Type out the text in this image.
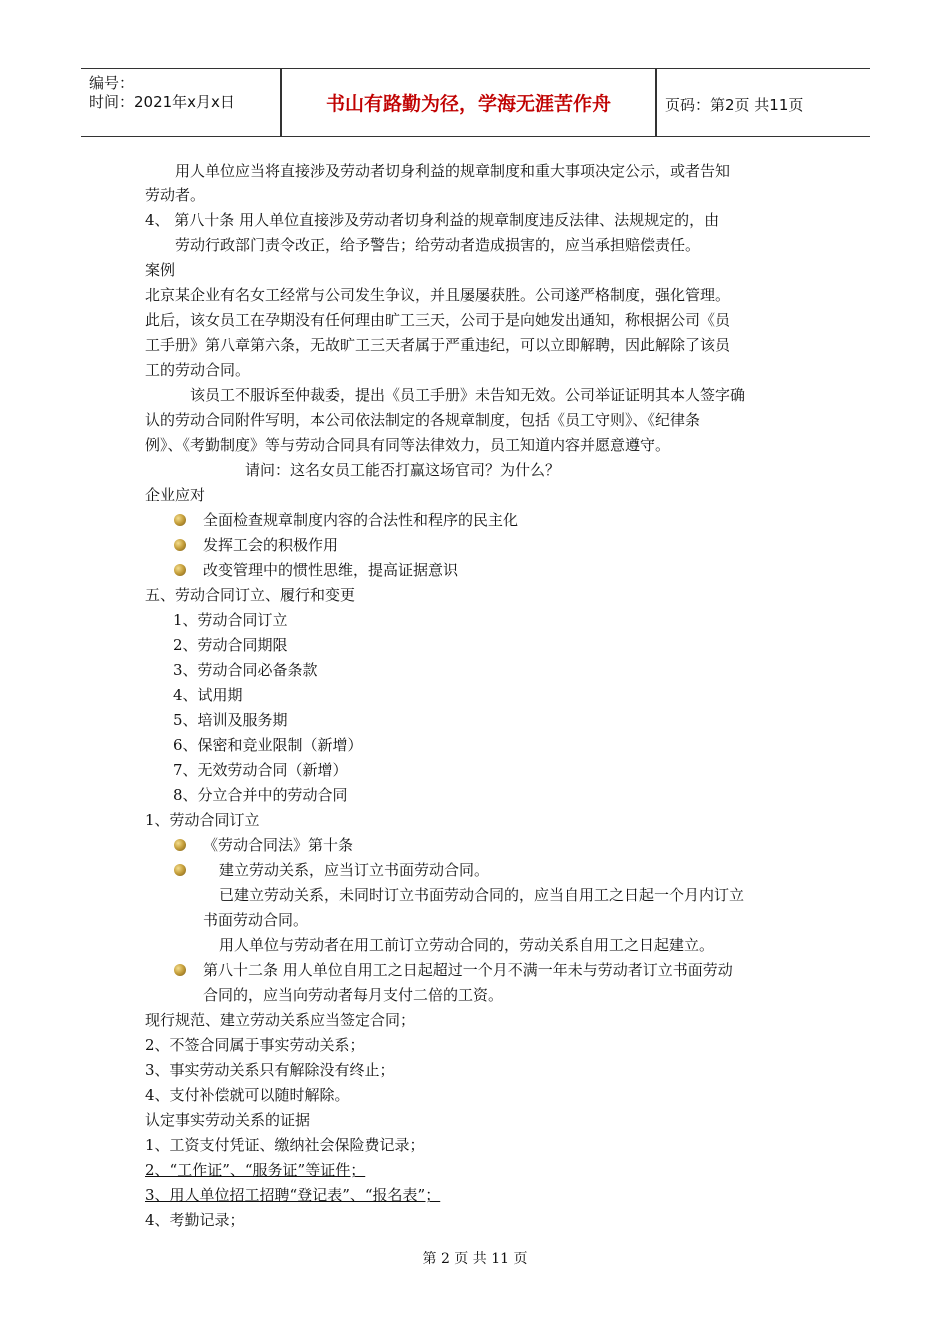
编号：
时间：2021年x月x日	书山有路勤为径，学海无涯苦作舟	页码：第2页 共11页
用人单位应当将直接涉及劳动者切身利益的规章制度和重大事项决定公示，或者告知
劳动者。
4、 第八十条 用人单位直接涉及劳动者切身利益的规章制度违反法律、法规规定的，由
劳动行政部门责令改正，给予警告；给劳动者造成损害的，应当承担赔偿责任。
案例
北京某企业有名女工经常与公司发生争议，并且屡屡获胜。公司遂严格制度，强化管理。
此后，该女员工在孕期没有任何理由旷工三天，公司于是向她发出通知，称根据公司《员
工手册》第八章第六条，无故旷工三天者属于严重违纪，可以立即解聘，因此解除了该员
工的劳动合同。
该员工不服诉至仲裁委，提出《员工手册》未告知无效。公司举证证明其本人签字确
认的劳动合同附件写明，本公司依法制定的各规章制度，包括《员工守则》、《纪律条
例》、《考勤制度》等与劳动合同具有同等法律效力，员工知道内容并愿意遵守。
请问：这名女员工能否打赢这场官司？为什么？
企业应对
全面检查规章制度内容的合法性和程序的民主化
发挥工会的积极作用
改变管理中的惯性思维，提高证据意识
五、劳动合同订立、履行和变更
1、劳动合同订立
2、劳动合同期限
3、劳动合同必备条款
4、试用期
5、培训及服务期
6、保密和竞业限制（新增）
7、无效劳动合同（新增）
8、分立合并中的劳动合同
1、劳动合同订立
《劳动合同法》第十条
建立劳动关系，应当订立书面劳动合同。
已建立劳动关系，未同时订立书面劳动合同的，应当自用工之日起一个月内订立
书面劳动合同。
用人单位与劳动者在用工前订立劳动合同的，劳动关系自用工之日起建立。
第八十二条 用人单位自用工之日起超过一个月不满一年未与劳动者订立书面劳动
合同的，应当向劳动者每月支付二倍的工资。
现行规范、建立劳动关系应当签定合同；
2、不签合同属于事实劳动关系；
3、事实劳动关系只有解除没有终止；
4、支付补偿就可以随时解除。
认定事实劳动关系的证据
1、工资支付凭证、缴纳社会保险费记录；
2、“工作证”、“服务证”等证件；
3、用人单位招工招聘“登记表”、“报名表”；
4、考勤记录；
第 2 页 共 11 页
